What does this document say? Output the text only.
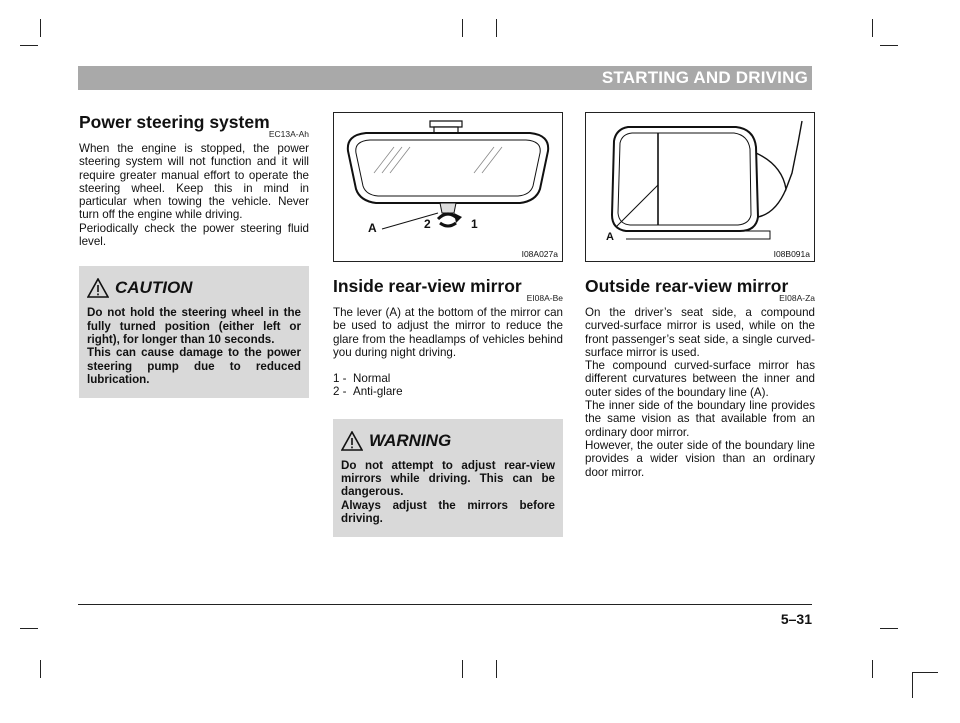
STARTING AND DRIVING
Power steering system
EC13A-Ah

When the engine is stopped, the power steering system will not function and it will require greater manual effort to operate the steering wheel. Keep this in mind in particular when towing the vehicle. Never turn off the engine while driving.

Periodically check the power steering fluid level.

CAUTION

Do not hold the steering wheel in the fully turned position (either left or right), for longer than 10 seconds.

This can cause damage to the power steering pump due to reduced lubrication.

A	2	1
I08A027a
Inside rear-view mirror
EI08A-Be

The lever (A) at the bottom of the mirror can be used to adjust the mirror to reduce the glare from the headlamps of vehicles behind you during night driving.

1 - Normal
2 - Anti-glare
WARNING

Do not attempt to adjust rear-view mirrors while driving. This can be dangerous.

Always adjust the mirrors before driving.

A
I08B091a
Outside rear-view mirror
EI08A-Za

On the driver’s seat side, a compound curved-surface mirror is used, while on the front passenger’s seat side, a single curved-surface mirror is used.

The compound curved-surface mirror has different curvatures between the inner and outer sides of the boundary line (A).

The inner side of the boundary line provides the same vision as that available from an ordinary door mirror.

However, the outer side of the boundary line provides a wider vision than an ordinary door mirror.

5–31
